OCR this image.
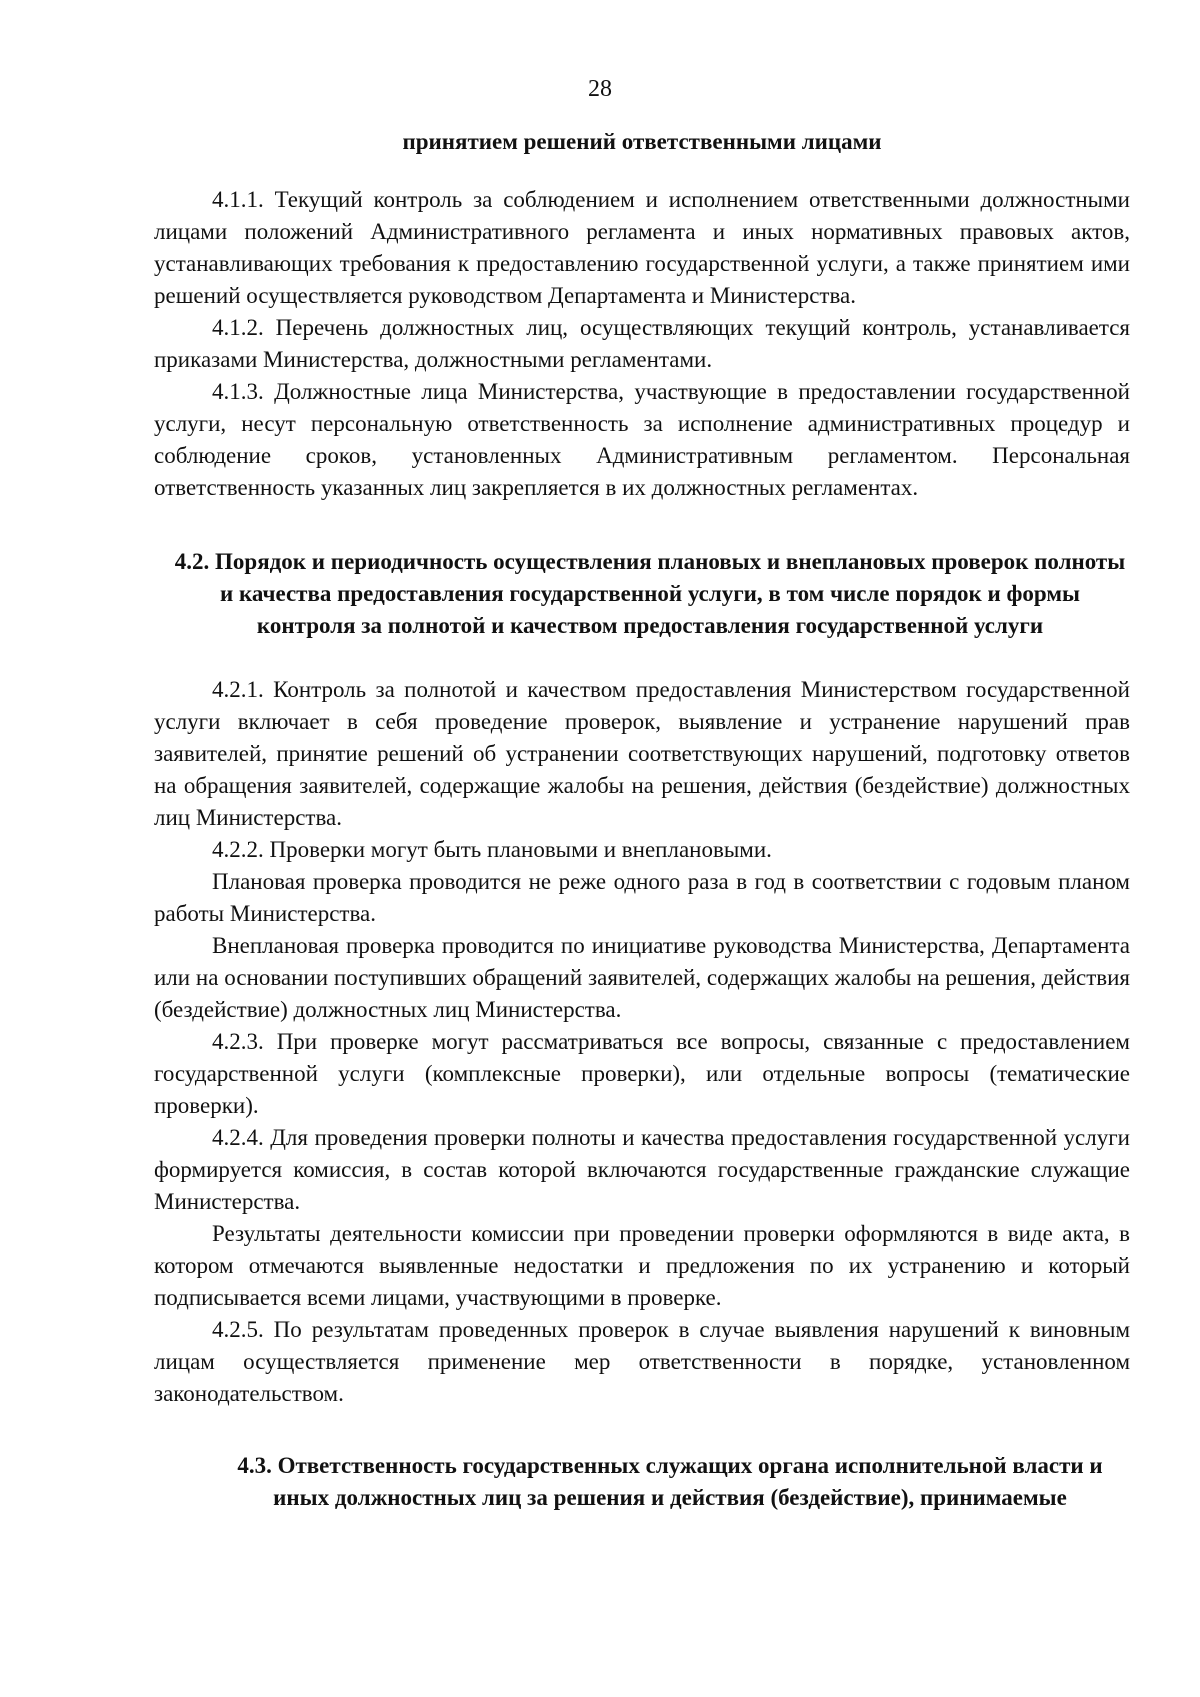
28

принятием решений ответственными лицами

4.1.1. Текущий контроль за соблюдением и исполнением ответственными должностными лицами положений Административного регламента и иных нормативных правовых актов, устанавливающих требования к предоставлению государственной услуги, а также принятием ими решений осуществляется руководством Департамента и Министерства.

4.1.2. Перечень должностных лиц, осуществляющих текущий контроль, устанавливается приказами Министерства, должностными регламентами.

4.1.3. Должностные лица Министерства, участвующие в предоставлении государственной услуги, несут персональную ответственность за исполнение административных процедур и соблюдение сроков, установленных Административным регламентом. Персональная ответственность указанных лиц закрепляется в их должностных регламентах.

4.2. Порядок и периодичность осуществления плановых и внеплановых проверок полноты и качества предоставления государственной услуги, в том числе порядок и формы контроля за полнотой и качеством предоставления государственной услуги

4.2.1. Контроль за полнотой и качеством предоставления Министерством государственной услуги включает в себя проведение проверок, выявление и устранение нарушений прав заявителей, принятие решений об устранении соответствующих нарушений, подготовку ответов на обращения заявителей, содержащие жалобы на решения, действия (бездействие) должностных лиц Министерства.

4.2.2. Проверки могут быть плановыми и внеплановыми.

Плановая проверка проводится не реже одного раза в год в соответствии с годовым планом работы Министерства.

Внеплановая проверка проводится по инициативе руководства Министерства, Департамента или на основании поступивших обращений заявителей, содержащих жалобы на решения, действия (бездействие) должностных лиц Министерства.

4.2.3. При проверке могут рассматриваться все вопросы, связанные с предоставлением государственной услуги (комплексные проверки), или отдельные вопросы (тематические проверки).

4.2.4. Для проведения проверки полноты и качества предоставления государственной услуги формируется комиссия, в состав которой включаются государственные гражданские служащие Министерства.

Результаты деятельности комиссии при проведении проверки оформляются в виде акта, в котором отмечаются выявленные недостатки и предложения по их устранению и который подписывается всеми лицами, участвующими в проверке.

4.2.5. По результатам проведенных проверок в случае выявления нарушений к виновным лицам осуществляется применение мер ответственности в порядке, установленном законодательством.

4.3. Ответственность государственных служащих органа исполнительной власти и иных должностных лиц за решения и действия (бездействие), принимаемые
